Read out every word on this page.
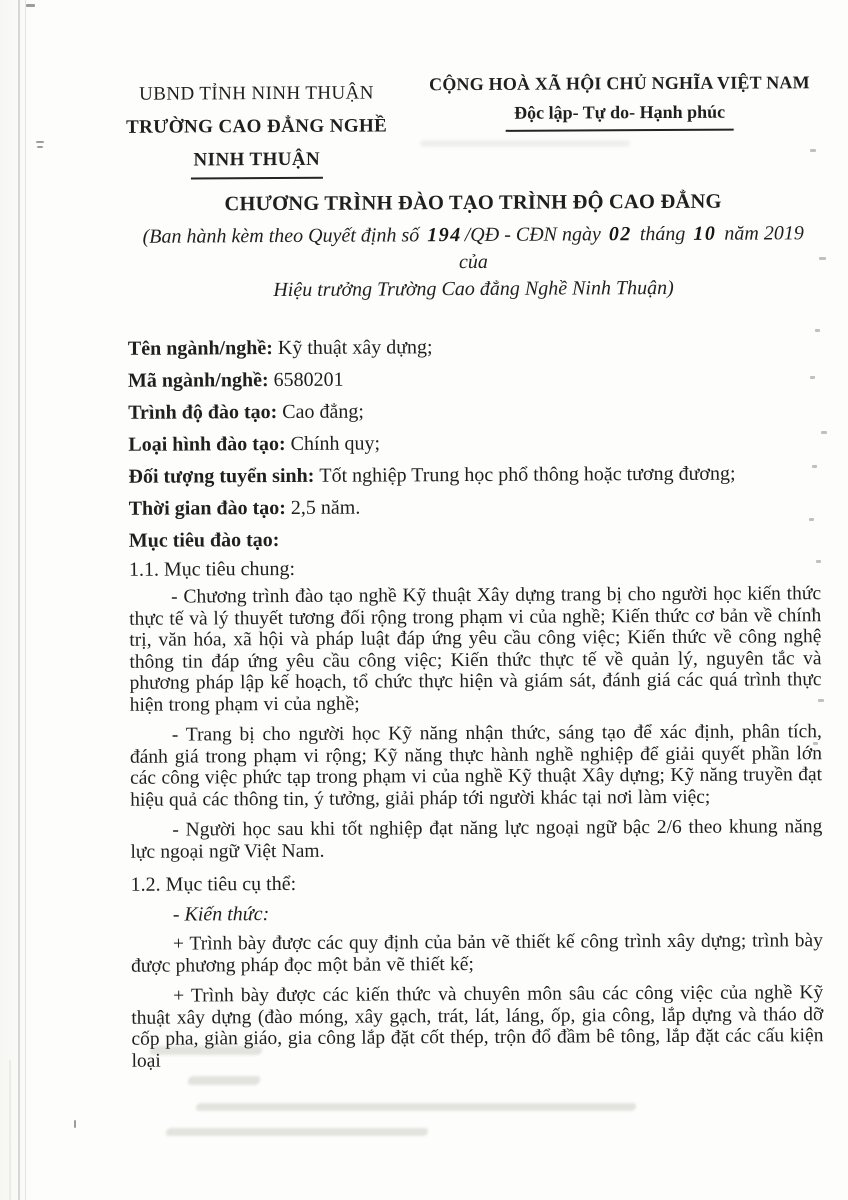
UBND TỈNH NINH THUẬN
TRƯỜNG CAO ĐẲNG NGHỀ
NINH THUẬN
CỘNG HOÀ XÃ HỘI CHỦ NGHĨA VIỆT NAM
Độc lập- Tự do- Hạnh phúc
CHƯƠNG TRÌNH ĐÀO TẠO TRÌNH ĐỘ CAO ĐẲNG
(Ban hành kèm theo Quyết định số 194 /QĐ - CĐN ngày 02 tháng 10 năm 2019  của
Hiệu trưởng Trường Cao đẳng Nghề Ninh Thuận)
Tên ngành/nghề: Kỹ thuật xây dựng;
Mã ngành/nghề: 6580201
Trình độ đào tạo: Cao đẳng;
Loại hình đào tạo: Chính quy;
Đối tượng tuyển sinh: Tốt nghiệp Trung học phổ thông hoặc tương đương;
Thời gian đào tạo: 2,5 năm.
Mục tiêu đào tạo:
1.1. Mục tiêu chung:

- Chương trình đào tạo nghề Kỹ thuật Xây dựng trang bị cho người học kiến thức thực tế và lý thuyết tương đối rộng trong phạm vi của nghề; Kiến thức cơ bản về chính trị, văn hóa, xã hội và pháp luật đáp ứng yêu cầu công việc; Kiến thức về công nghệ thông tin đáp ứng yêu cầu công việc; Kiến thức thực tế về quản lý, nguyên tắc và phương pháp lập kế hoạch, tổ chức thực hiện và giám sát, đánh giá các quá trình thực hiện trong phạm vi của nghề;

- Trang bị cho người học Kỹ năng nhận thức, sáng tạo để xác định, phân tích, đánh giá trong phạm vi rộng; Kỹ năng thực hành nghề nghiệp để giải quyết phần lớn các công việc phức tạp trong phạm vi của nghề Kỹ thuật Xây dựng; Kỹ năng truyền đạt hiệu quả các thông tin, ý tưởng, giải pháp tới người khác tại nơi làm việc;

- Người học sau khi tốt nghiệp đạt năng lực ngoại ngữ bậc 2/6 theo khung năng lực ngoại ngữ Việt Nam.

1.2. Mục tiêu cụ thể:
- Kiến thức:

+ Trình bày được các quy định của bản vẽ thiết kế công trình xây dựng; trình bày được phương pháp đọc một bản vẽ thiết kế;

+ Trình bày được các kiến thức và chuyên môn sâu các công việc của nghề Kỹ thuật xây dựng (đào móng, xây gạch, trát, lát, láng, ốp, gia công, lắp dựng và tháo dỡ cốp pha, giàn giáo, gia công lắp đặt cốt thép, trộn đổ đầm bê tông, lắp đặt các cấu kiện loại
